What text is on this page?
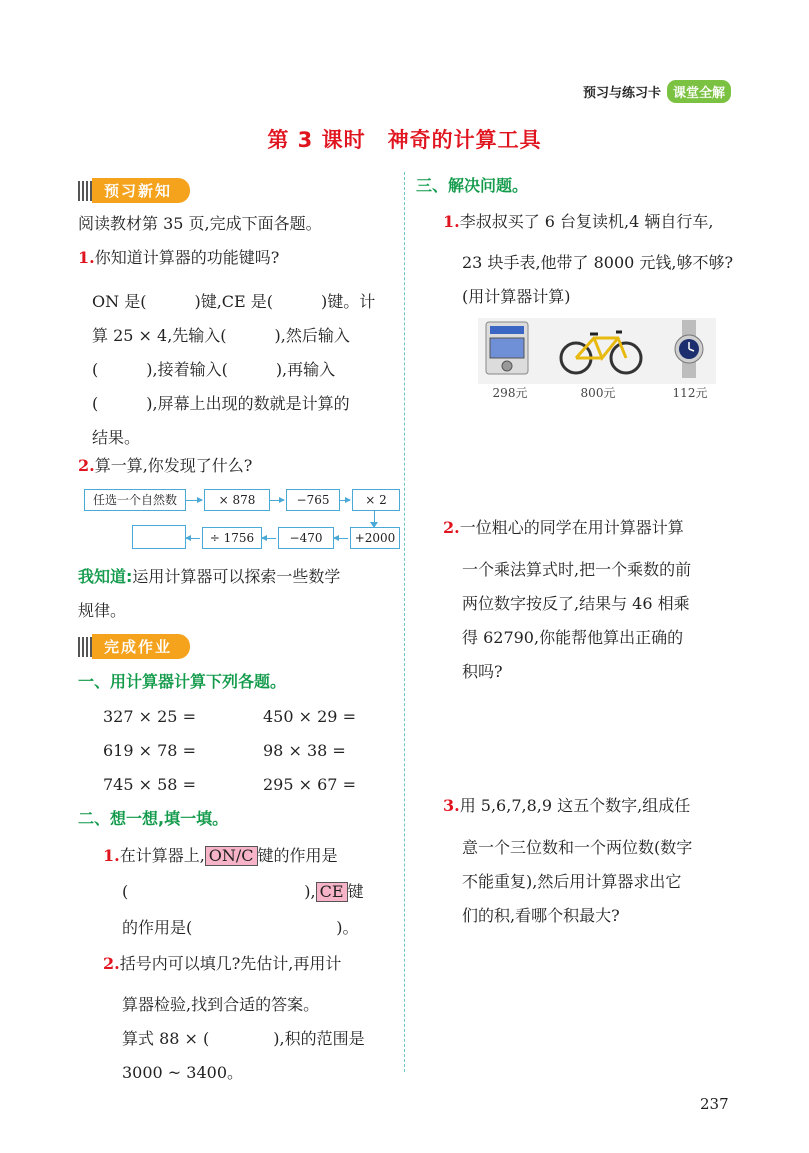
预习与练习卡 课堂全解
第 3 课时　神奇的计算工具
预习新知
阅读教材第 35 页,完成下面各题。
1.你知道计算器的功能键吗?
ON 是(　　　)键,CE 是(　　　)键。计
算 25 × 4,先输入(　　　),然后输入
(　　　),接着输入(　　　),再输入
(　　　),屏幕上出现的数就是计算的
结果。
2.算一算,你发现了什么?
任选一个自然数	× 878	−765	× 2
+2000
−470
÷ 1756
我知道:运用计算器可以探索一些数学
规律。
完成作业
一、用计算器计算下列各题。
327 × 25 =	450 × 29 =
619 × 78 =	98 × 38 =
745 × 58 =	295 × 67 =
二、想一想,填一填。
1.在计算器上, ON/C 键的作用是
(　　　　　　　　　　　), CE 键
的作用是(　　　　　　　　　)。
2.括号内可以填几?先估计,再用计
算器检验,找到合适的答案。
算式 88 × (　　　　),积的范围是
3000 ~ 3400。
三、解决问题。
1.李叔叔买了 6 台复读机,4 辆自行车,
23 块手表,他带了 8000 元钱,够不够?
(用计算器计算)
298元	800元	112元
2.一位粗心的同学在用计算器计算
一个乘法算式时,把一个乘数的前
两位数字按反了,结果与 46 相乘
得 62790,你能帮他算出正确的
积吗?
3.用 5,6,7,8,9 这五个数字,组成任
意一个三位数和一个两位数(数字
不能重复),然后用计算器求出它
们的积,看哪个积最大?
237
